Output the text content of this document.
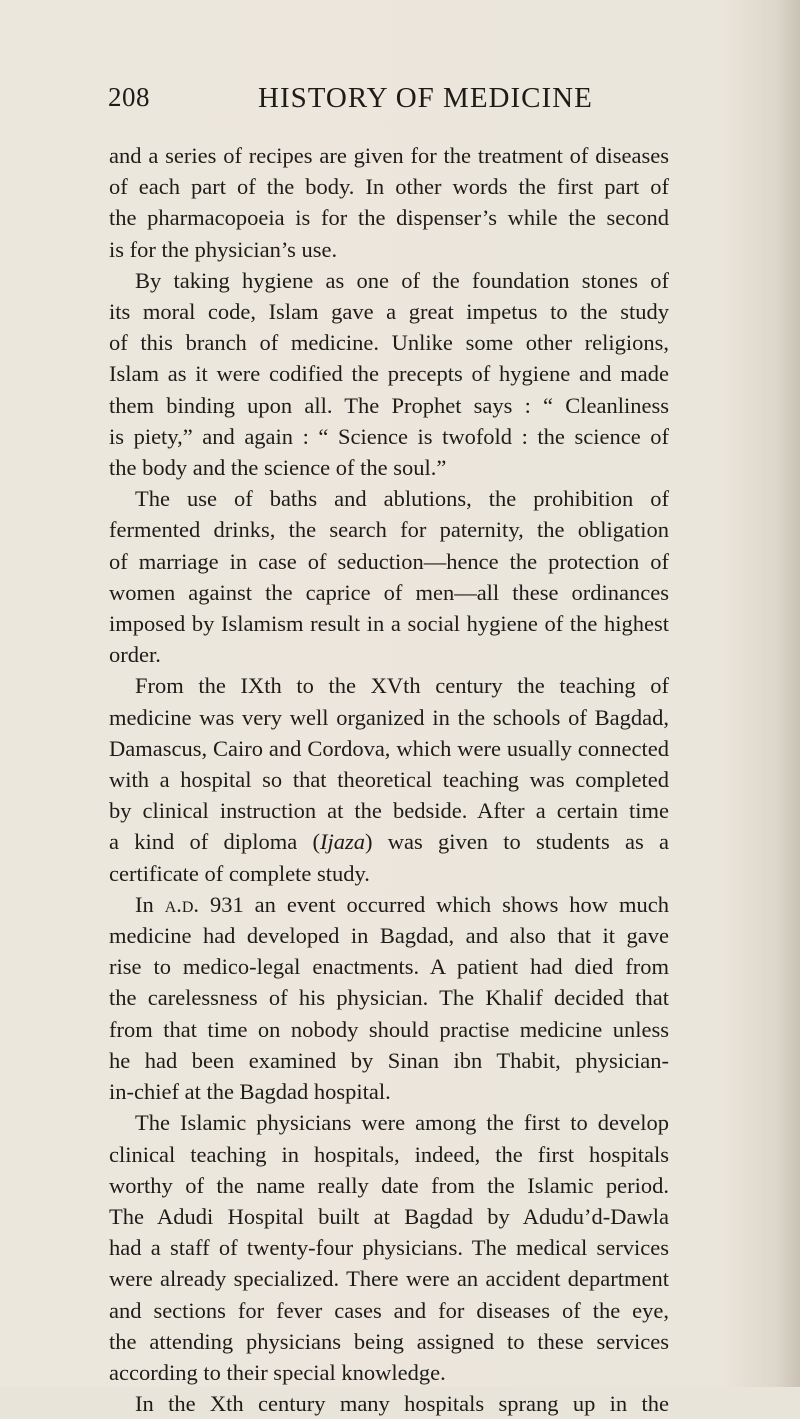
208	HISTORY OF MEDICINE

and a series of recipes are given for the treatment of diseases
of each part of the body. In other words the first part of
the pharmacopoeia is for the dispenser’s while the second
is for the physician’s use.

By taking hygiene as one of the foundation stones of
its moral code, Islam gave a great impetus to the study
of this branch of medicine. Unlike some other religions,
Islam as it were codified the precepts of hygiene and made
them binding upon all. The Prophet says : “ Cleanliness
is piety,” and again : “ Science is twofold : the science of
the body and the science of the soul.”

The use of baths and ablutions, the prohibition of
fermented drinks, the search for paternity, the obligation
of marriage in case of seduction—hence the protection of
women against the caprice of men—all these ordinances
imposed by Islamism result in a social hygiene of the highest
order.

From the IXth to the XVth century the teaching of
medicine was very well organized in the schools of Bagdad,
Damascus, Cairo and Cordova, which were usually connected
with a hospital so that theoretical teaching was completed
by clinical instruction at the bedside. After a certain time
a kind of diploma (Ijaza) was given to students as a
certificate of complete study.

In a.d. 931 an event occurred which shows how much
medicine had developed in Bagdad, and also that it gave
rise to medico-legal enactments. A patient had died from
the carelessness of his physician. The Khalif decided that
from that time on nobody should practise medicine unless
he had been examined by Sinan ibn Thabit, physician-
in-chief at the Bagdad hospital.

The Islamic physicians were among the first to develop
clinical teaching in hospitals, indeed, the first hospitals
worthy of the name really date from the Islamic period.
The Adudi Hospital built at Bagdad by Adudu’d-Dawla
had a staff of twenty-four physicians. The medical services
were already specialized. There were an accident department
and sections for fever cases and for diseases of the eye,
the attending physicians being assigned to these services
according to their special knowledge.

In the Xth century many hospitals sprang up in the
